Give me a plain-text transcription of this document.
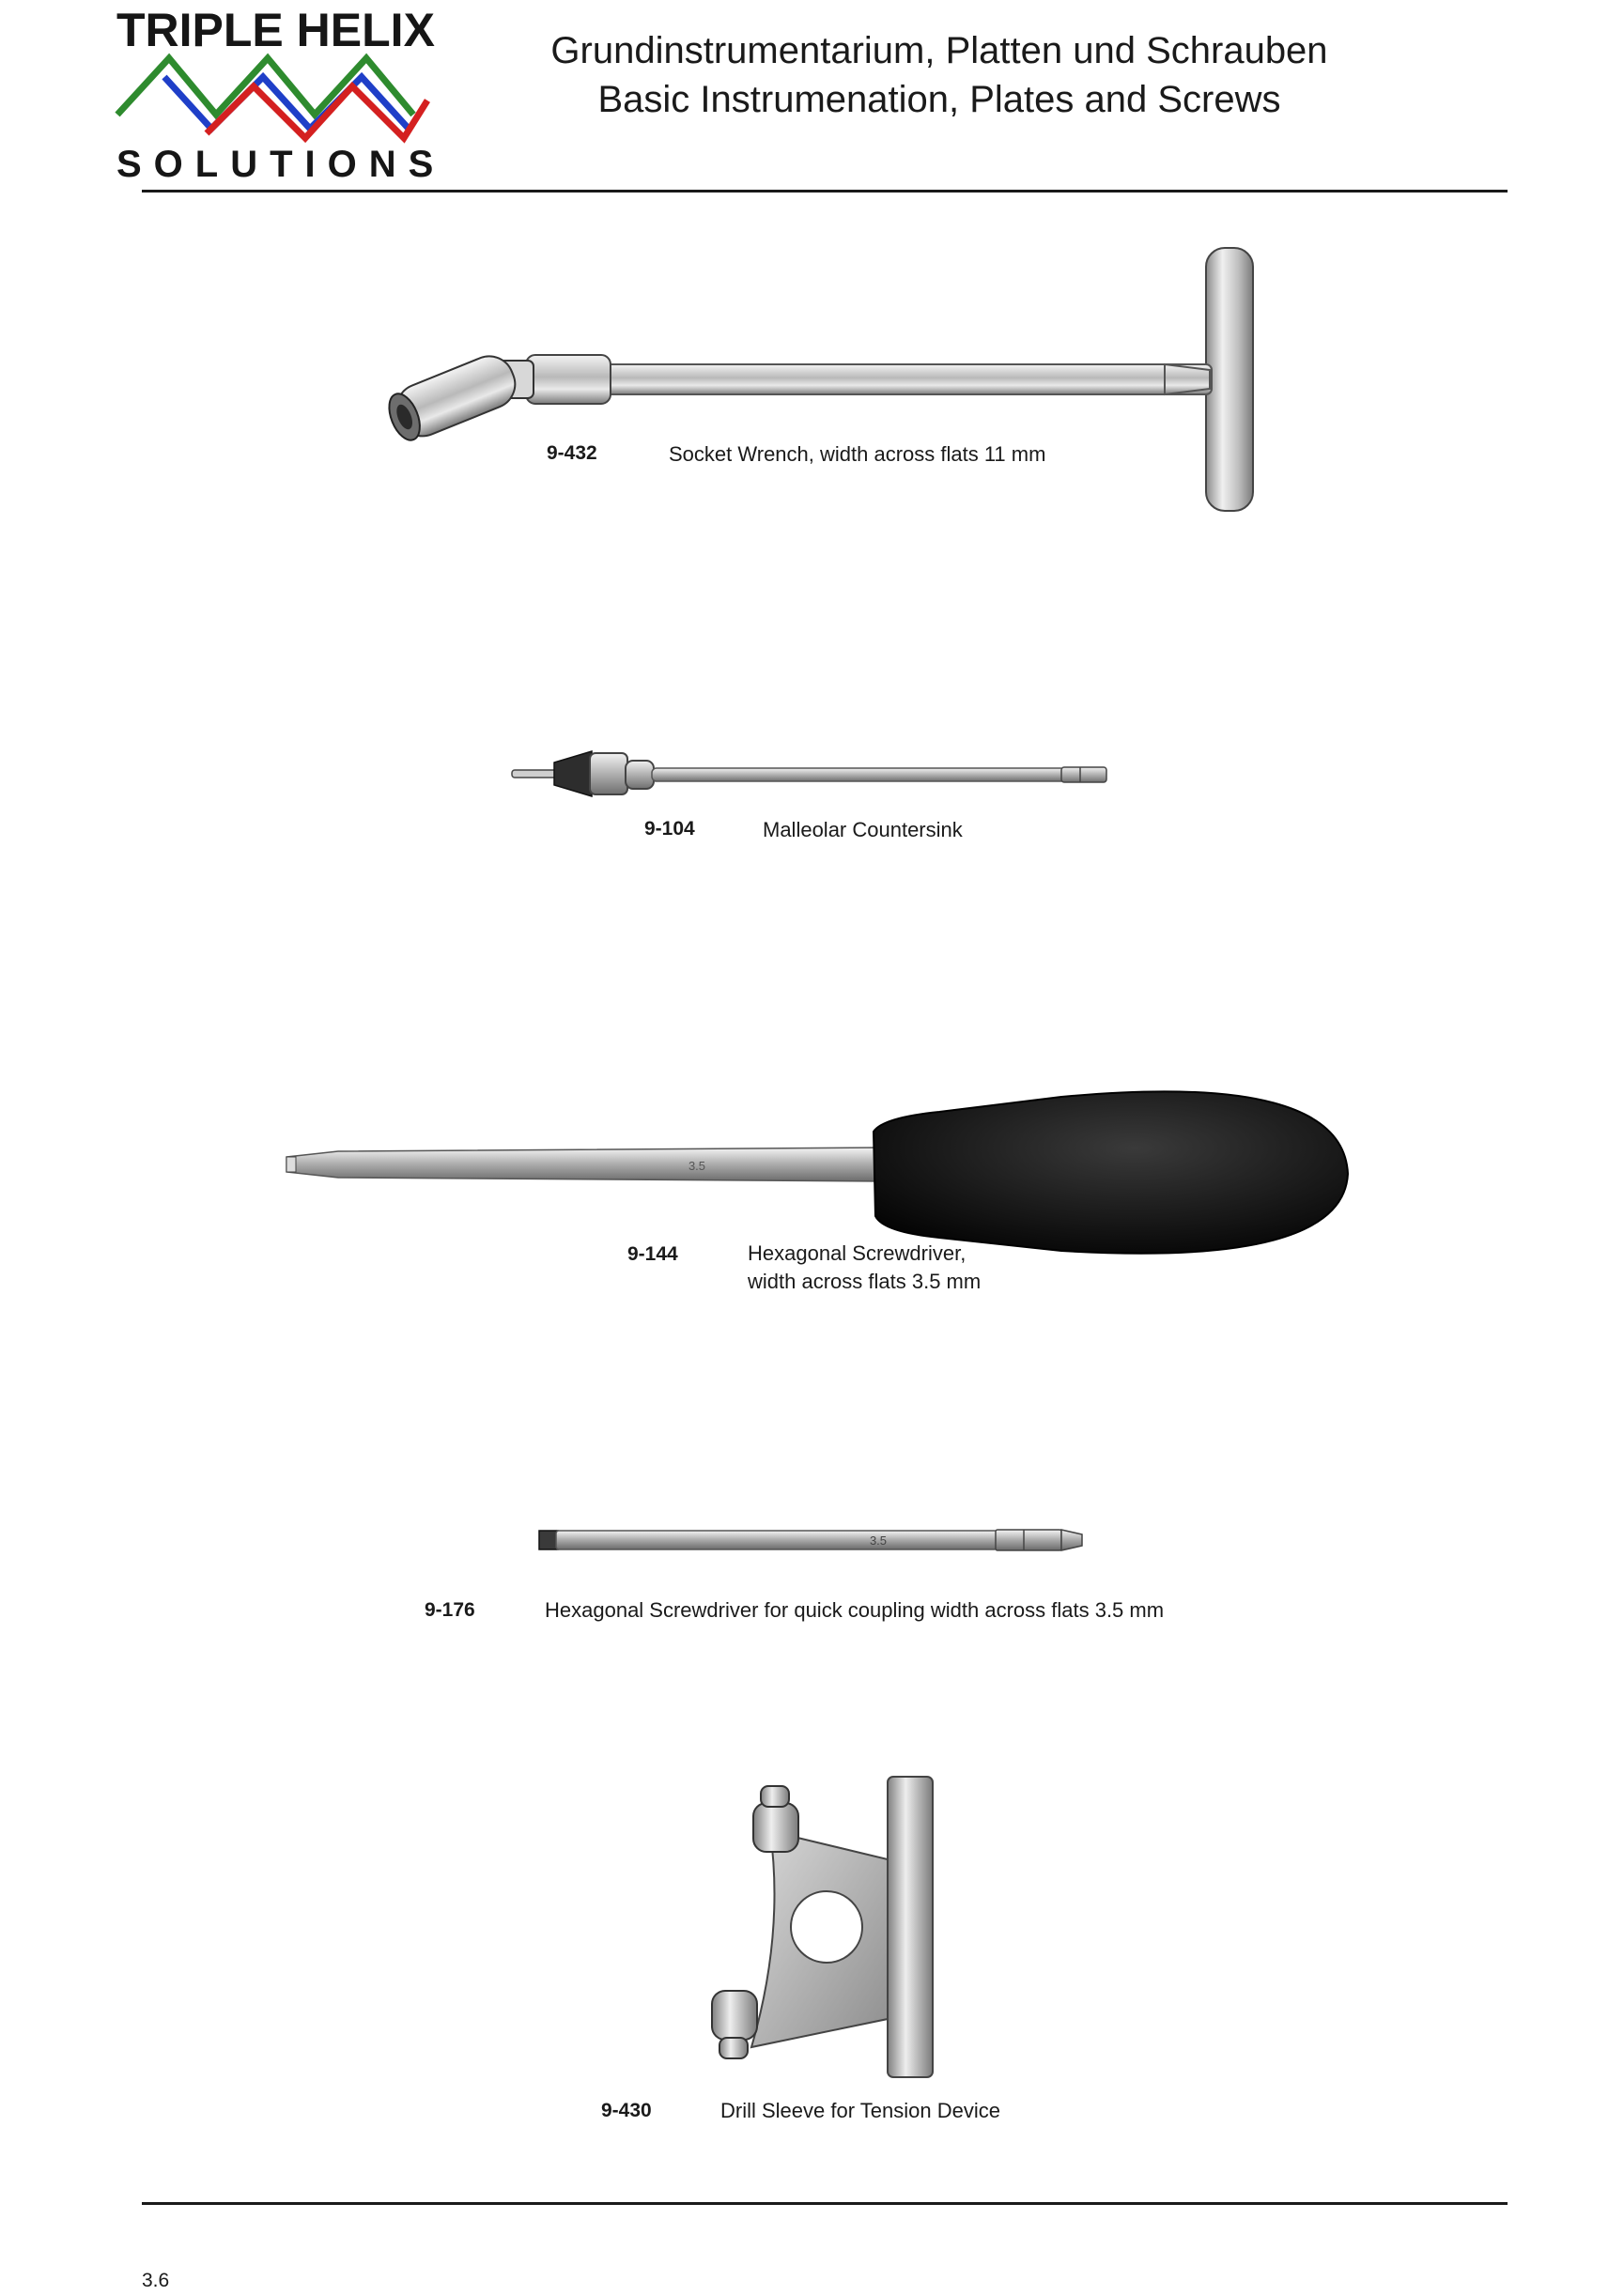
TRIPLE HELIX
SOLUTIONS
Grundinstrumentarium, Platten und Schrauben
Basic Instrumenation, Plates and Screws
9-432	Socket Wrench, width across flats 11 mm
9-104	Malleolar Countersink
3.5
9-144	Hexagonal Screwdriver,
width across flats 3.5 mm
3.5
9-176	Hexagonal Screwdriver for quick coupling width across flats 3.5 mm
9-430	Drill Sleeve for Tension Device
3.6
